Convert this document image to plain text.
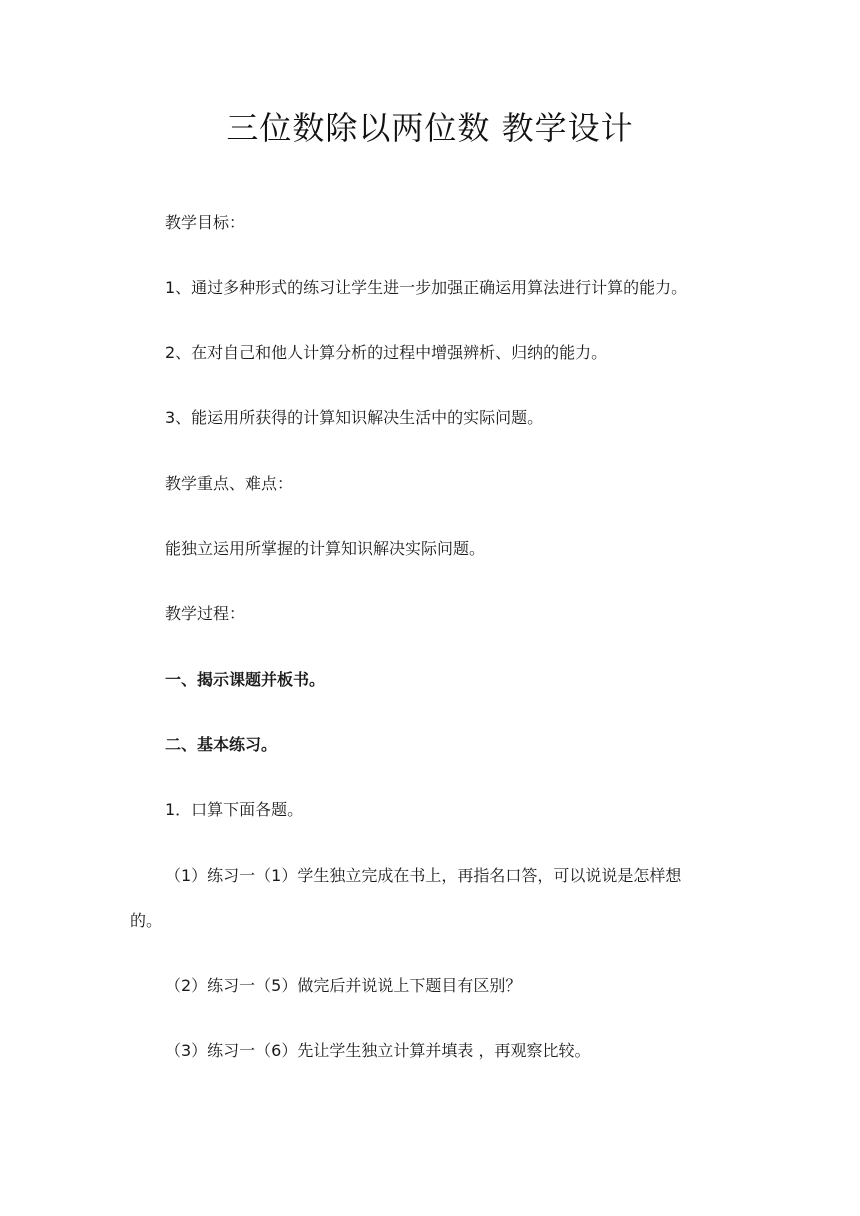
三位数除以两位数 教学设计

教学目标：

1、通过多种形式的练习让学生进一步加强正确运用算法进行计算的能力。

2、在对自己和他人计算分析的过程中增强辨析、归纳的能力。

3、能运用所获得的计算知识解决生活中的实际问题。

教学重点、难点：

能独立运用所掌握的计算知识解决实际问题。

教学过程：

一、揭示课题并板书。

二、基本练习。

1．口算下面各题。

（1）练习一（1）学生独立完成在书上，再指名口答，可以说说是怎样想

的。

（2）练习一（5）做完后并说说上下题目有区别？

（3）练习一（6）先让学生独立计算并填表 ，再观察比较。
